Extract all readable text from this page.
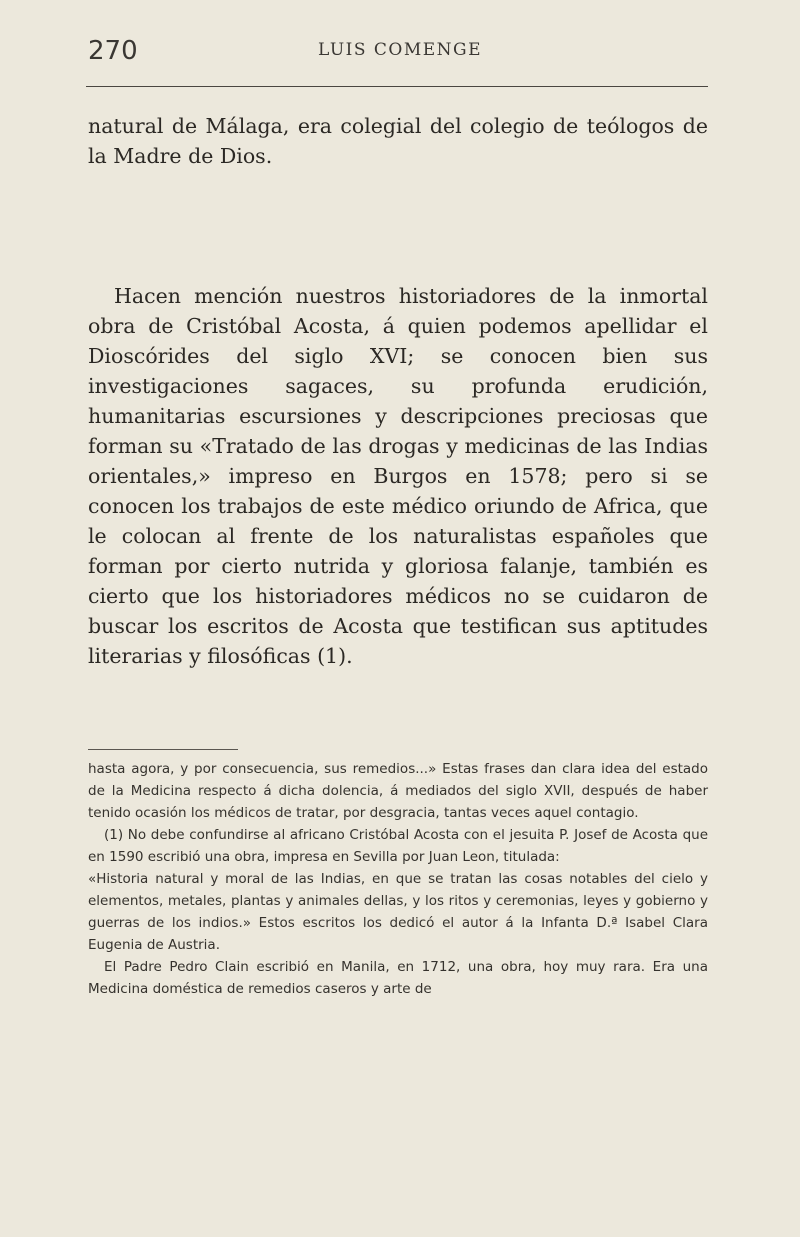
270	LUIS COMENGE

natural de Málaga, era colegial del colegio de teólogos de la Madre de Dios.

Hacen mención nuestros historiadores de la inmortal obra de Cristóbal Acosta, á quien podemos apellidar el Dioscórides del siglo XVI; se conocen bien sus investigaciones sagaces, su profunda erudición, humanitarias escursiones y descripciones preciosas que forman su «Tratado de las drogas y medicinas de las Indias orientales,» impreso en Burgos en 1578; pero si se conocen los trabajos de este médico oriundo de Africa, que le colocan al frente de los naturalistas españoles que forman por cierto nutrida y gloriosa falanje, también es cierto que los historiadores médicos no se cuidaron de buscar los escritos de Acosta que testifican sus aptitudes literarias y filosóficas (1).

hasta agora, y por consecuencia, sus remedios...» Estas frases dan clara idea del estado de la Medicina respecto á dicha dolencia, á mediados del siglo XVII, después de haber tenido ocasión los médicos de tratar, por desgracia, tantas veces aquel contagio.

(1) No debe confundirse al africano Cristóbal Acosta con el jesuita P. Josef de Acosta que en 1590 escribió una obra, impresa en Sevilla por Juan Leon, titulada:

«Historia natural y moral de las Indias, en que se tratan las cosas notables del cielo y elementos, metales, plantas y animales dellas, y los ritos y ceremonias, leyes y gobierno y guerras de los indios.» Estos escritos los dedicó el autor á la Infanta D.ª Isabel Clara Eugenia de Austria.

El Padre Pedro Clain escribió en Manila, en 1712, una obra, hoy muy rara. Era una Medicina doméstica de remedios caseros y arte de
